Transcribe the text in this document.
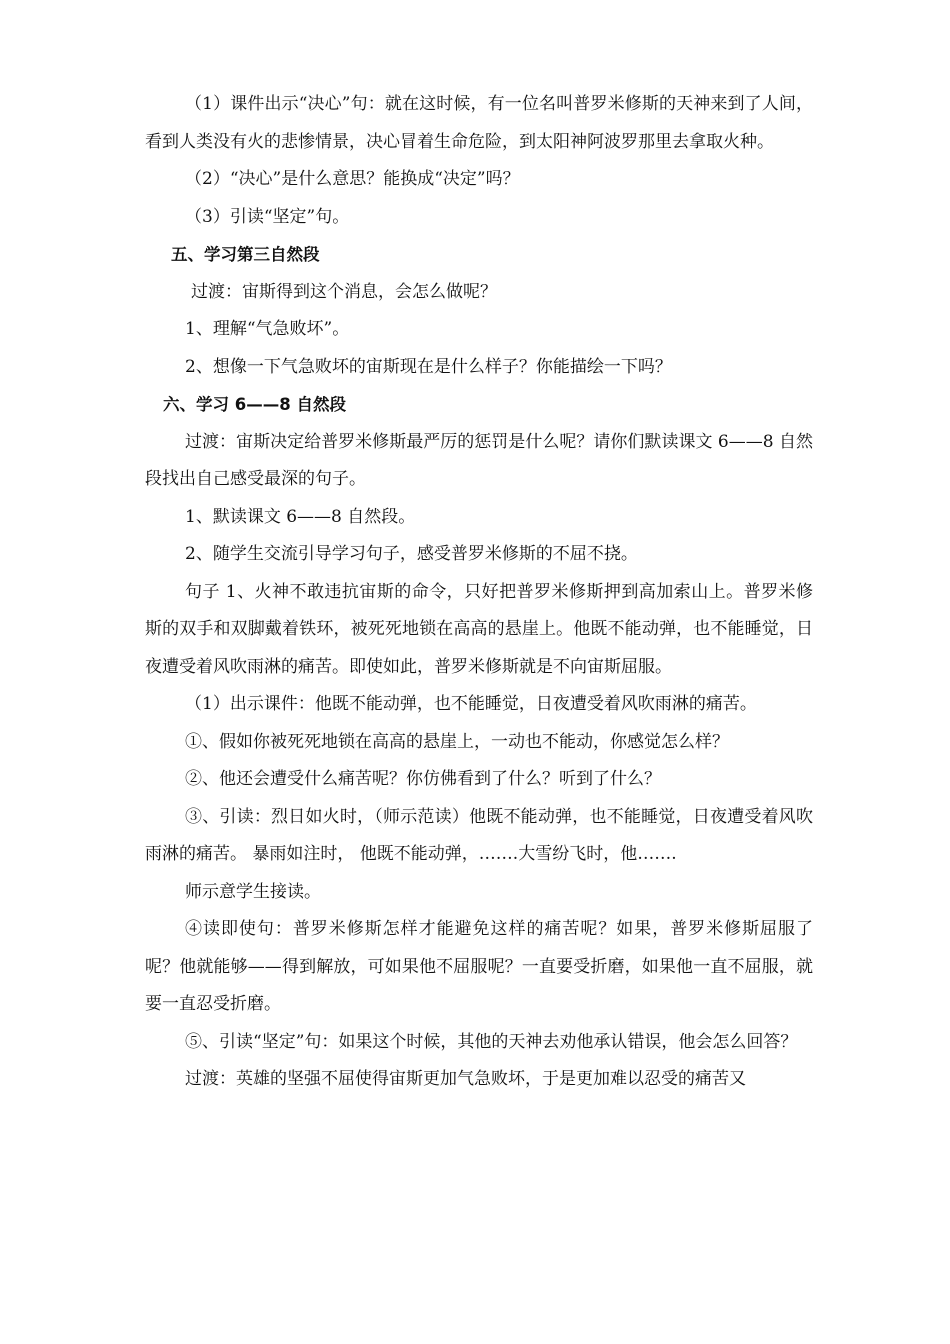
（1）课件出示“决心”句：就在这时候，有一位名叫普罗米修斯的天神来到了人间，看到人类没有火的悲惨情景，决心冒着生命危险，到太阳神阿波罗那里去拿取火种。

（2）“决心”是什么意思？能换成“决定”吗？

（3）引读“坚定”句。

五、学习第三自然段

过渡：宙斯得到这个消息，会怎么做呢？

1、理解“气急败坏”。

2、想像一下气急败坏的宙斯现在是什么样子？你能描绘一下吗？

六、学习 6——8 自然段

过渡：宙斯决定给普罗米修斯最严厉的惩罚是什么呢？请你们默读课文 6——8 自然段找出自己感受最深的句子。

1、默读课文 6——8 自然段。

2、随学生交流引导学习句子，感受普罗米修斯的不屈不挠。

句子 1、火神不敢违抗宙斯的命令，只好把普罗米修斯押到高加索山上。普罗米修斯的双手和双脚戴着铁环，被死死地锁在高高的悬崖上。他既不能动弹，也不能睡觉，日夜遭受着风吹雨淋的痛苦。即使如此，普罗米修斯就是不向宙斯屈服。

（1）出示课件：他既不能动弹，也不能睡觉，日夜遭受着风吹雨淋的痛苦。

①、假如你被死死地锁在高高的悬崖上，一动也不能动，你感觉怎么样？

②、他还会遭受什么痛苦呢？你仿佛看到了什么？听到了什么？

③、引读：烈日如火时，（师示范读）他既不能动弹，也不能睡觉，日夜遭受着风吹雨淋的痛苦。 暴雨如注时， 他既不能动弹，…….大雪纷飞时，他…….

师示意学生接读。

④读即使句：普罗米修斯怎样才能避免这样的痛苦呢？如果，普罗米修斯屈服了呢？他就能够——得到解放，可如果他不屈服呢？一直要受折磨，如果他一直不屈服，就要一直忍受折磨。

⑤、引读“坚定”句：如果这个时候，其他的天神去劝他承认错误，他会怎么回答？

过渡：英雄的坚强不屈使得宙斯更加气急败坏，于是更加难以忍受的痛苦又
